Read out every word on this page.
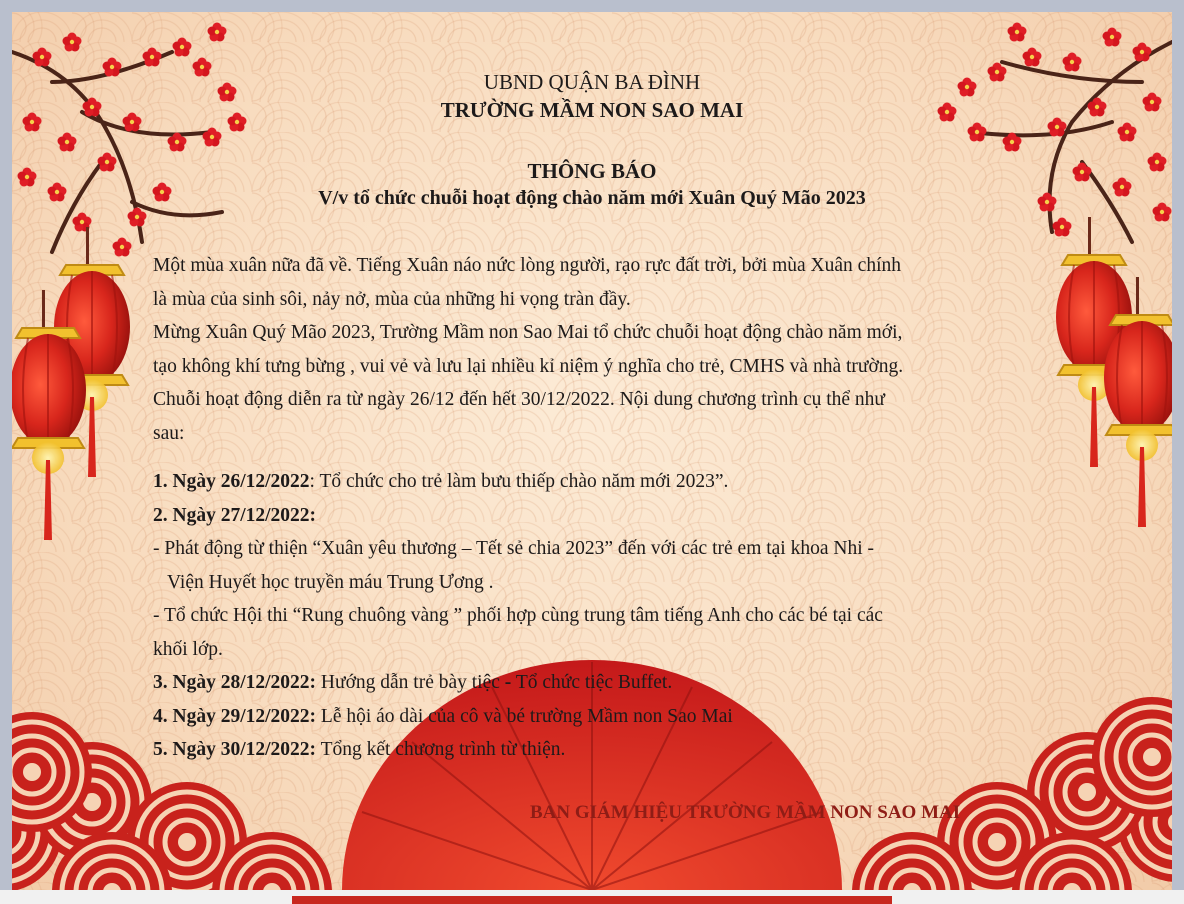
UBND QUẬN BA ĐÌNH
TRƯỜNG MẦM NON SAO MAI
THÔNG BÁO
V/v tổ chức chuỗi hoạt động chào năm mới Xuân Quý Mão 2023

Một mùa xuân nữa đã về. Tiếng Xuân náo nức lòng người, rạo rực đất trời, bởi mùa Xuân chính

là mùa của sinh sôi, nảy nở, mùa của những hi vọng tràn đầy.

Mừng Xuân Quý Mão 2023, Trường Mầm non Sao Mai tổ chức chuỗi hoạt động chào năm mới,

tạo không khí tưng bừng , vui vẻ và lưu lại nhiều kỉ niệm ý nghĩa cho trẻ, CMHS và nhà trường.

Chuỗi hoạt động diễn ra từ ngày 26/12 đến hết 30/12/2022. Nội dung chương trình cụ thể như

sau:

1. Ngày 26/12/2022: Tổ chức cho trẻ làm bưu thiếp chào năm mới 2023”.

2. Ngày 27/12/2022:

- Phát động từ thiện “Xuân yêu thương – Tết sẻ chia 2023” đến với các trẻ em tại khoa Nhi -

Viện Huyết học truyền máu Trung Ương .

- Tổ chức Hội thi “Rung chuông vàng ” phối hợp cùng trung tâm tiếng Anh cho các bé tại các

khối lớp.

3. Ngày 28/12/2022: Hướng dẫn trẻ bày tiệc - Tổ chức tiệc Buffet.

4. Ngày 29/12/2022: Lễ hội áo dài của cô và bé trường Mầm non Sao Mai

5. Ngày 30/12/2022: Tổng kết chương trình từ thiện.

BAN GIÁM HIỆU TRƯỜNG MẦM NON SAO MAI
